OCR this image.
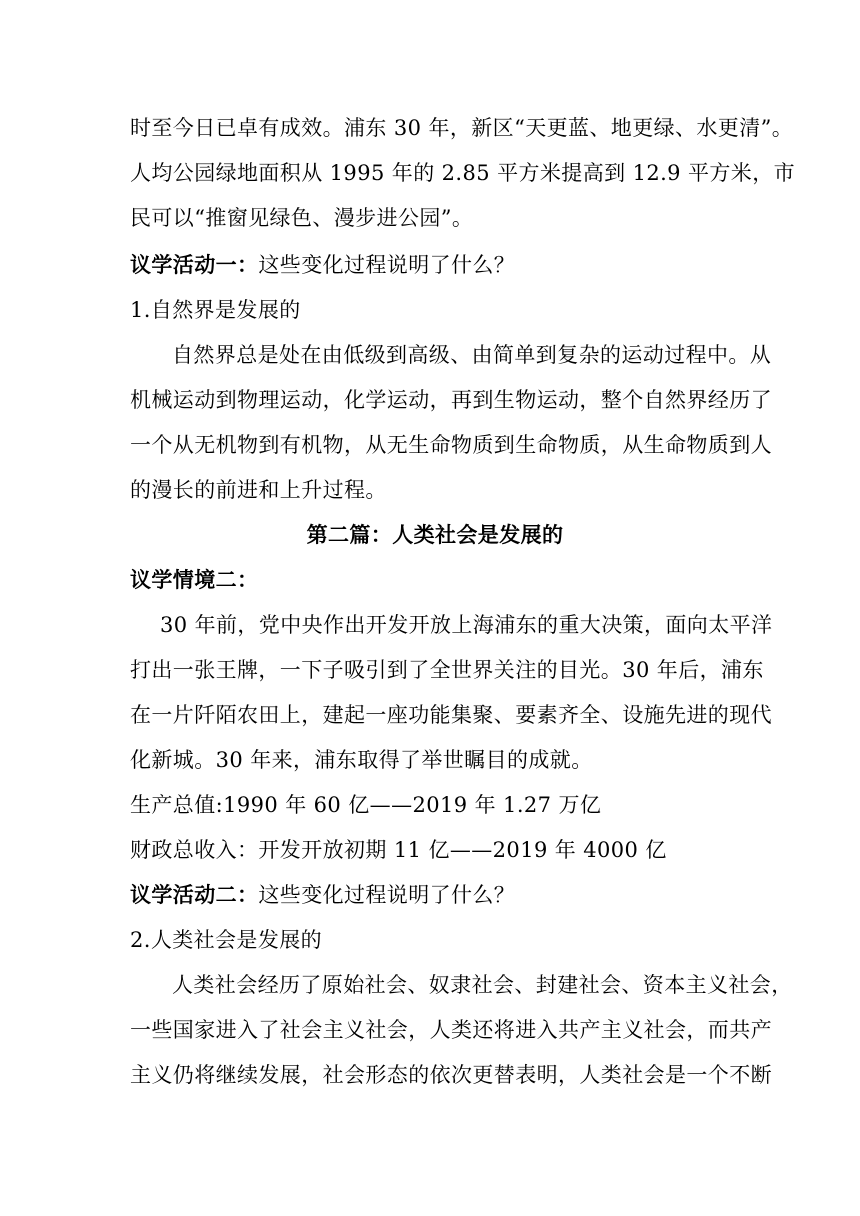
时至今日已卓有成效。浦东 30 年，新区“天更蓝、地更绿、水更清”。
人均公园绿地面积从 1995 年的 2.85 平方米提高到 12.9 平方米，市
民可以“推窗见绿色、漫步进公园”。
议学活动一：这些变化过程说明了什么？
1.自然界是发展的
自然界总是处在由低级到高级、由简单到复杂的运动过程中。从
机械运动到物理运动，化学运动，再到生物运动，整个自然界经历了
一个从无机物到有机物，从无生命物质到生命物质，从生命物质到人
的漫长的前进和上升过程。
第二篇：人类社会是发展的
议学情境二：
30 年前，党中央作出开发开放上海浦东的重大决策，面向太平洋
打出一张王牌，一下子吸引到了全世界关注的目光。30 年后，浦东
在一片阡陌农田上，建起一座功能集聚、要素齐全、设施先进的现代
化新城。30 年来，浦东取得了举世瞩目的成就。
生产总值:1990 年 60 亿——2019 年 1.27 万亿
财政总收入：开发开放初期 11 亿——2019 年 4000 亿
议学活动二：这些变化过程说明了什么？
2.人类社会是发展的
人类社会经历了原始社会、奴隶社会、封建社会、资本主义社会，
一些国家进入了社会主义社会，人类还将进入共产主义社会，而共产
主义仍将继续发展，社会形态的依次更替表明，人类社会是一个不断
